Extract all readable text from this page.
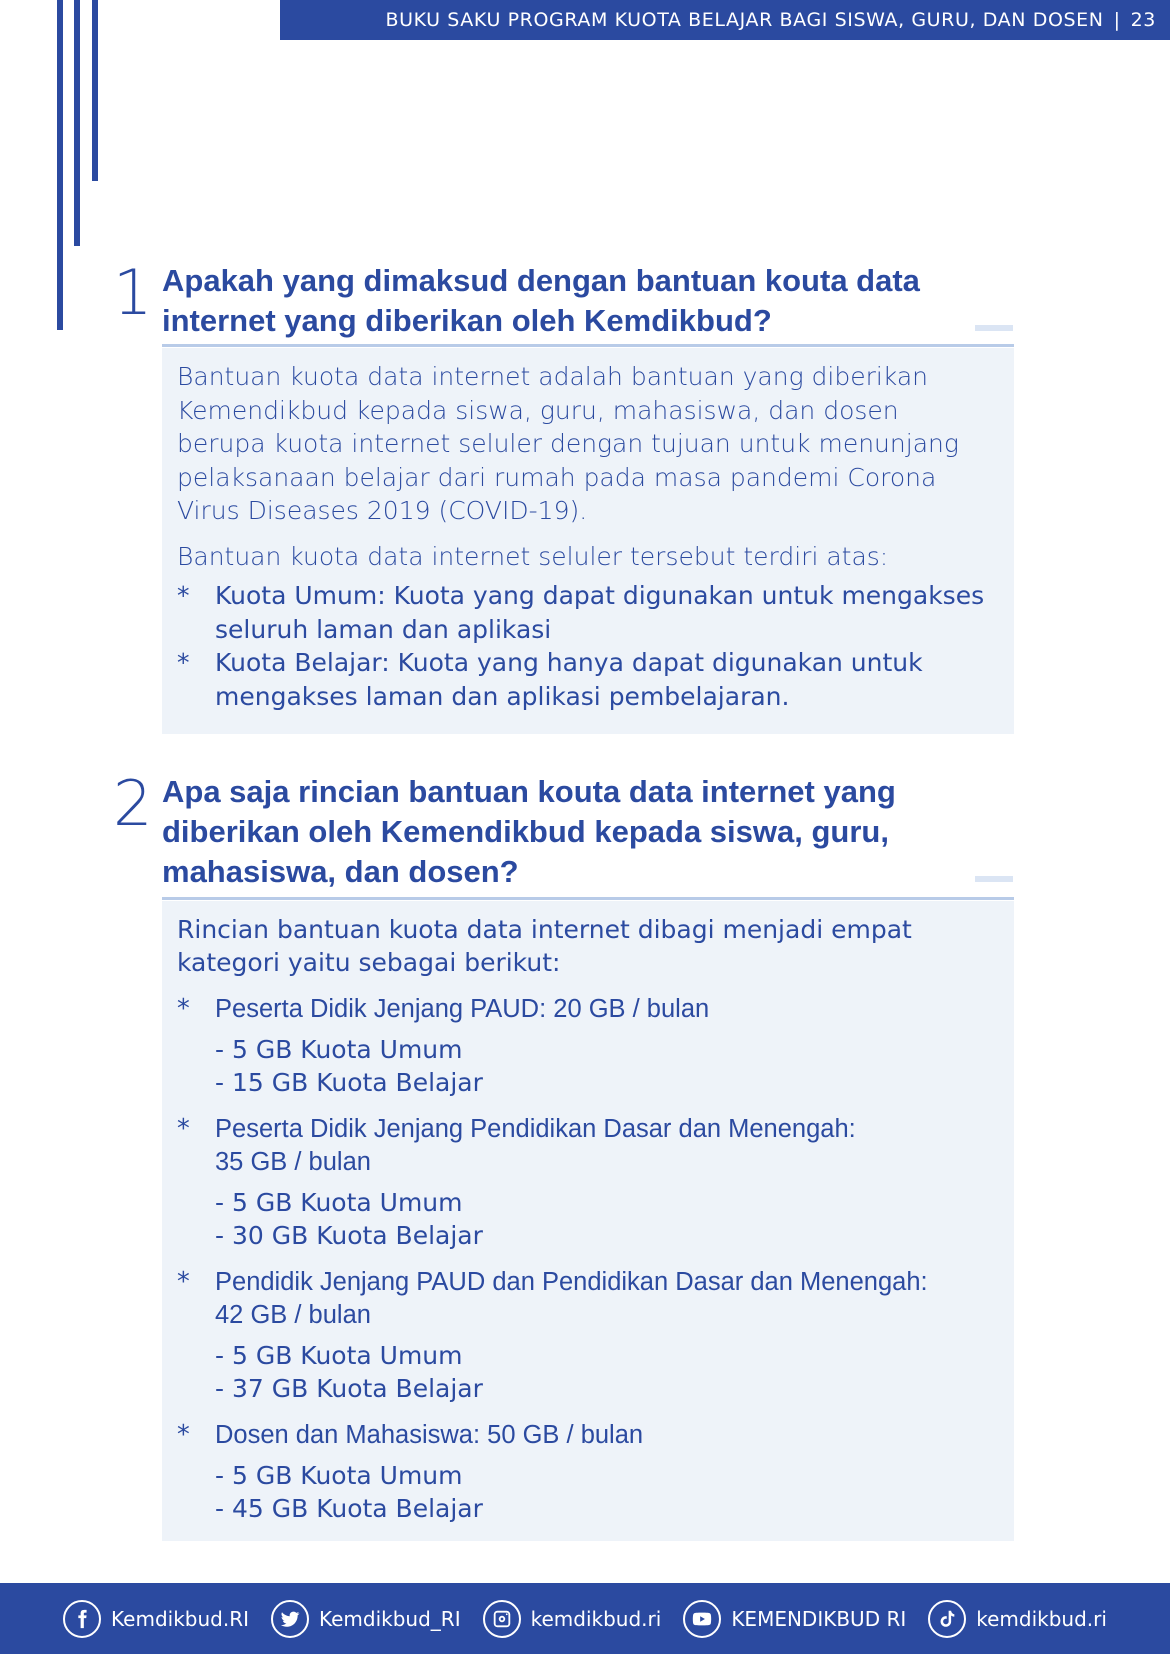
BUKU SAKU PROGRAM KUOTA BELAJAR BAGI SISWA, GURU, DAN DOSEN | 23
1 Apakah yang dimaksud dengan bantuan kouta data internet yang diberikan oleh Kemdikbud?

Bantuan kuota data internet adalah bantuan yang diberikan Kemendikbud kepada siswa, guru, mahasiswa, dan dosen berupa kuota internet seluler dengan tujuan untuk menunjang pelaksanaan belajar dari rumah pada masa pandemi Corona Virus Diseases 2019 (COVID-19).

Bantuan kuota data internet seluler tersebut terdiri atas:

* Kuota Umum: Kuota yang dapat digunakan untuk mengakses seluruh laman dan aplikasi
* Kuota Belajar: Kuota yang hanya dapat digunakan untuk mengakses laman dan aplikasi pembelajaran.
2 Apa saja rincian bantuan kouta data internet yang diberikan oleh Kemendikbud kepada siswa, guru, mahasiswa, dan dosen?

Rincian bantuan kuota data internet dibagi menjadi empat kategori yaitu sebagai berikut:

* Peserta Didik Jenjang PAUD: 20 GB / bulan
- 5 GB Kuota Umum
- 15 GB Kuota Belajar
* Peserta Didik Jenjang Pendidikan Dasar dan Menengah:
35 GB / bulan
- 5 GB Kuota Umum
- 30 GB Kuota Belajar
* Pendidik Jenjang PAUD dan Pendidikan Dasar dan Menengah:
42 GB / bulan
- 5 GB Kuota Umum
- 37 GB Kuota Belajar
* Dosen dan Mahasiswa: 50 GB / bulan
- 5 GB Kuota Umum
- 45 GB Kuota Belajar
Kemdikbud.RI	Kemdikbud_RI	kemdikbud.ri	KEMENDIKBUD RI	kemdikbud.ri
